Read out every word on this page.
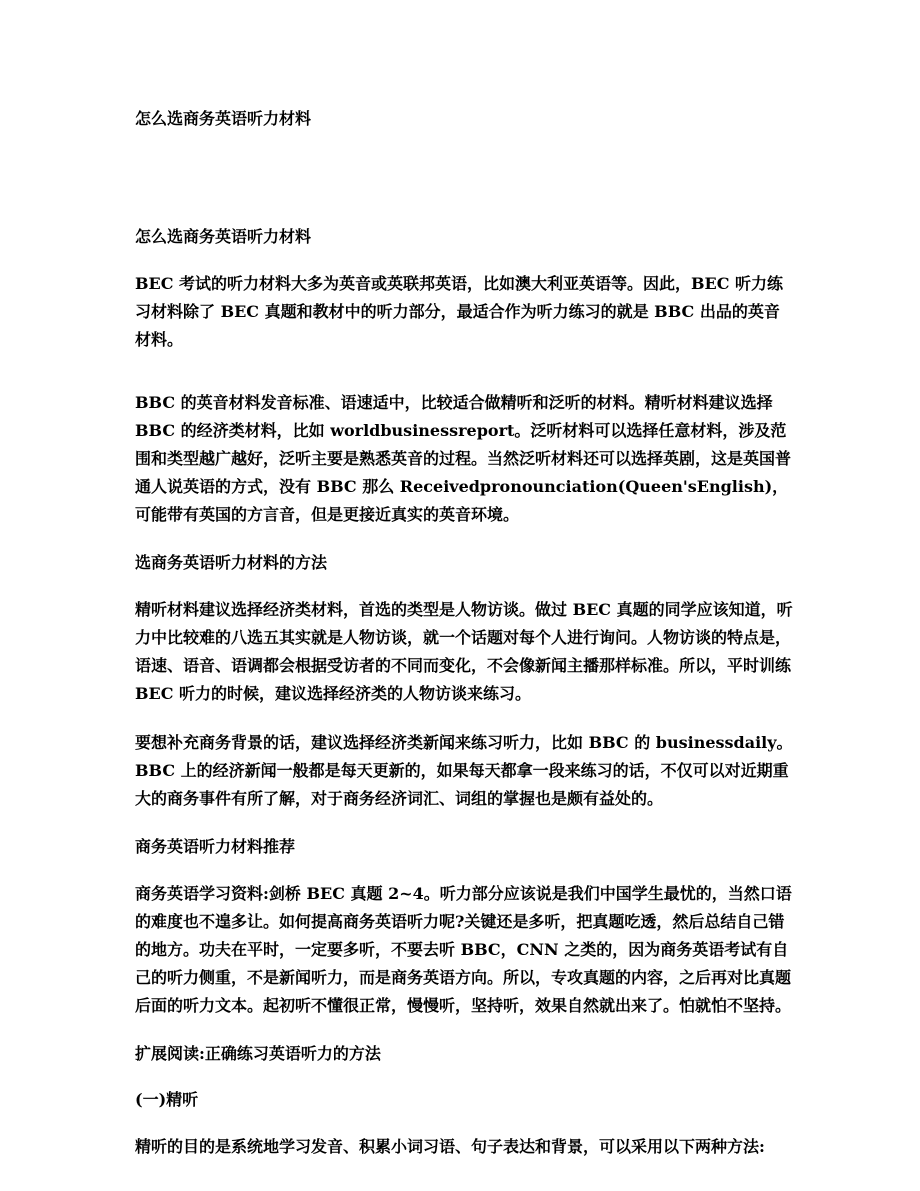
怎么选商务英语听力材料

怎么选商务英语听力材料

BEC 考试的听力材料大多为英音或英联邦英语，比如澳大利亚英语等。因此，BEC 听力练习材料除了 BEC 真题和教材中的听力部分，最适合作为听力练习的就是 BBC 出品的英音材料。

BBC 的英音材料发音标准、语速适中，比较适合做精听和泛听的材料。精听材料建议选择 BBC 的经济类材料，比如 worldbusinessreport。泛听材料可以选择任意材料，涉及范围和类型越广越好，泛听主要是熟悉英音的过程。当然泛听材料还可以选择英剧，这是英国普通人说英语的方式，没有 BBC 那么 Receivedpronounciation(Queen'sEnglish)，可能带有英国的方言音，但是更接近真实的英音环境。

选商务英语听力材料的方法

精听材料建议选择经济类材料，首选的类型是人物访谈。做过 BEC 真题的同学应该知道，听力中比较难的八选五其实就是人物访谈，就一个话题对每个人进行询问。人物访谈的特点是，语速、语音、语调都会根据受访者的不同而变化，不会像新闻主播那样标准。所以，平时训练 BEC 听力的时候，建议选择经济类的人物访谈来练习。

要想补充商务背景的话，建议选择经济类新闻来练习听力，比如 BBC 的 businessdaily。BBC 上的经济新闻一般都是每天更新的，如果每天都拿一段来练习的话，不仅可以对近期重大的商务事件有所了解，对于商务经济词汇、词组的掌握也是颇有益处的。

商务英语听力材料推荐

商务英语学习资料:剑桥 BEC 真题 2~4。听力部分应该说是我们中国学生最忧的，当然口语的难度也不遑多让。如何提高商务英语听力呢?关键还是多听，把真题吃透，然后总结自己错的地方。功夫在平时，一定要多听，不要去听 BBC，CNN 之类的，因为商务英语考试有自己的听力侧重，不是新闻听力，而是商务英语方向。所以，专攻真题的内容，之后再对比真题后面的听力文本。起初听不懂很正常，慢慢听，坚持听，效果自然就出来了。怕就怕不坚持。

扩展阅读:正确练习英语听力的方法

(一)精听

精听的目的是系统地学习发音、积累小词习语、句子表达和背景，可以采用以下两种方法:
